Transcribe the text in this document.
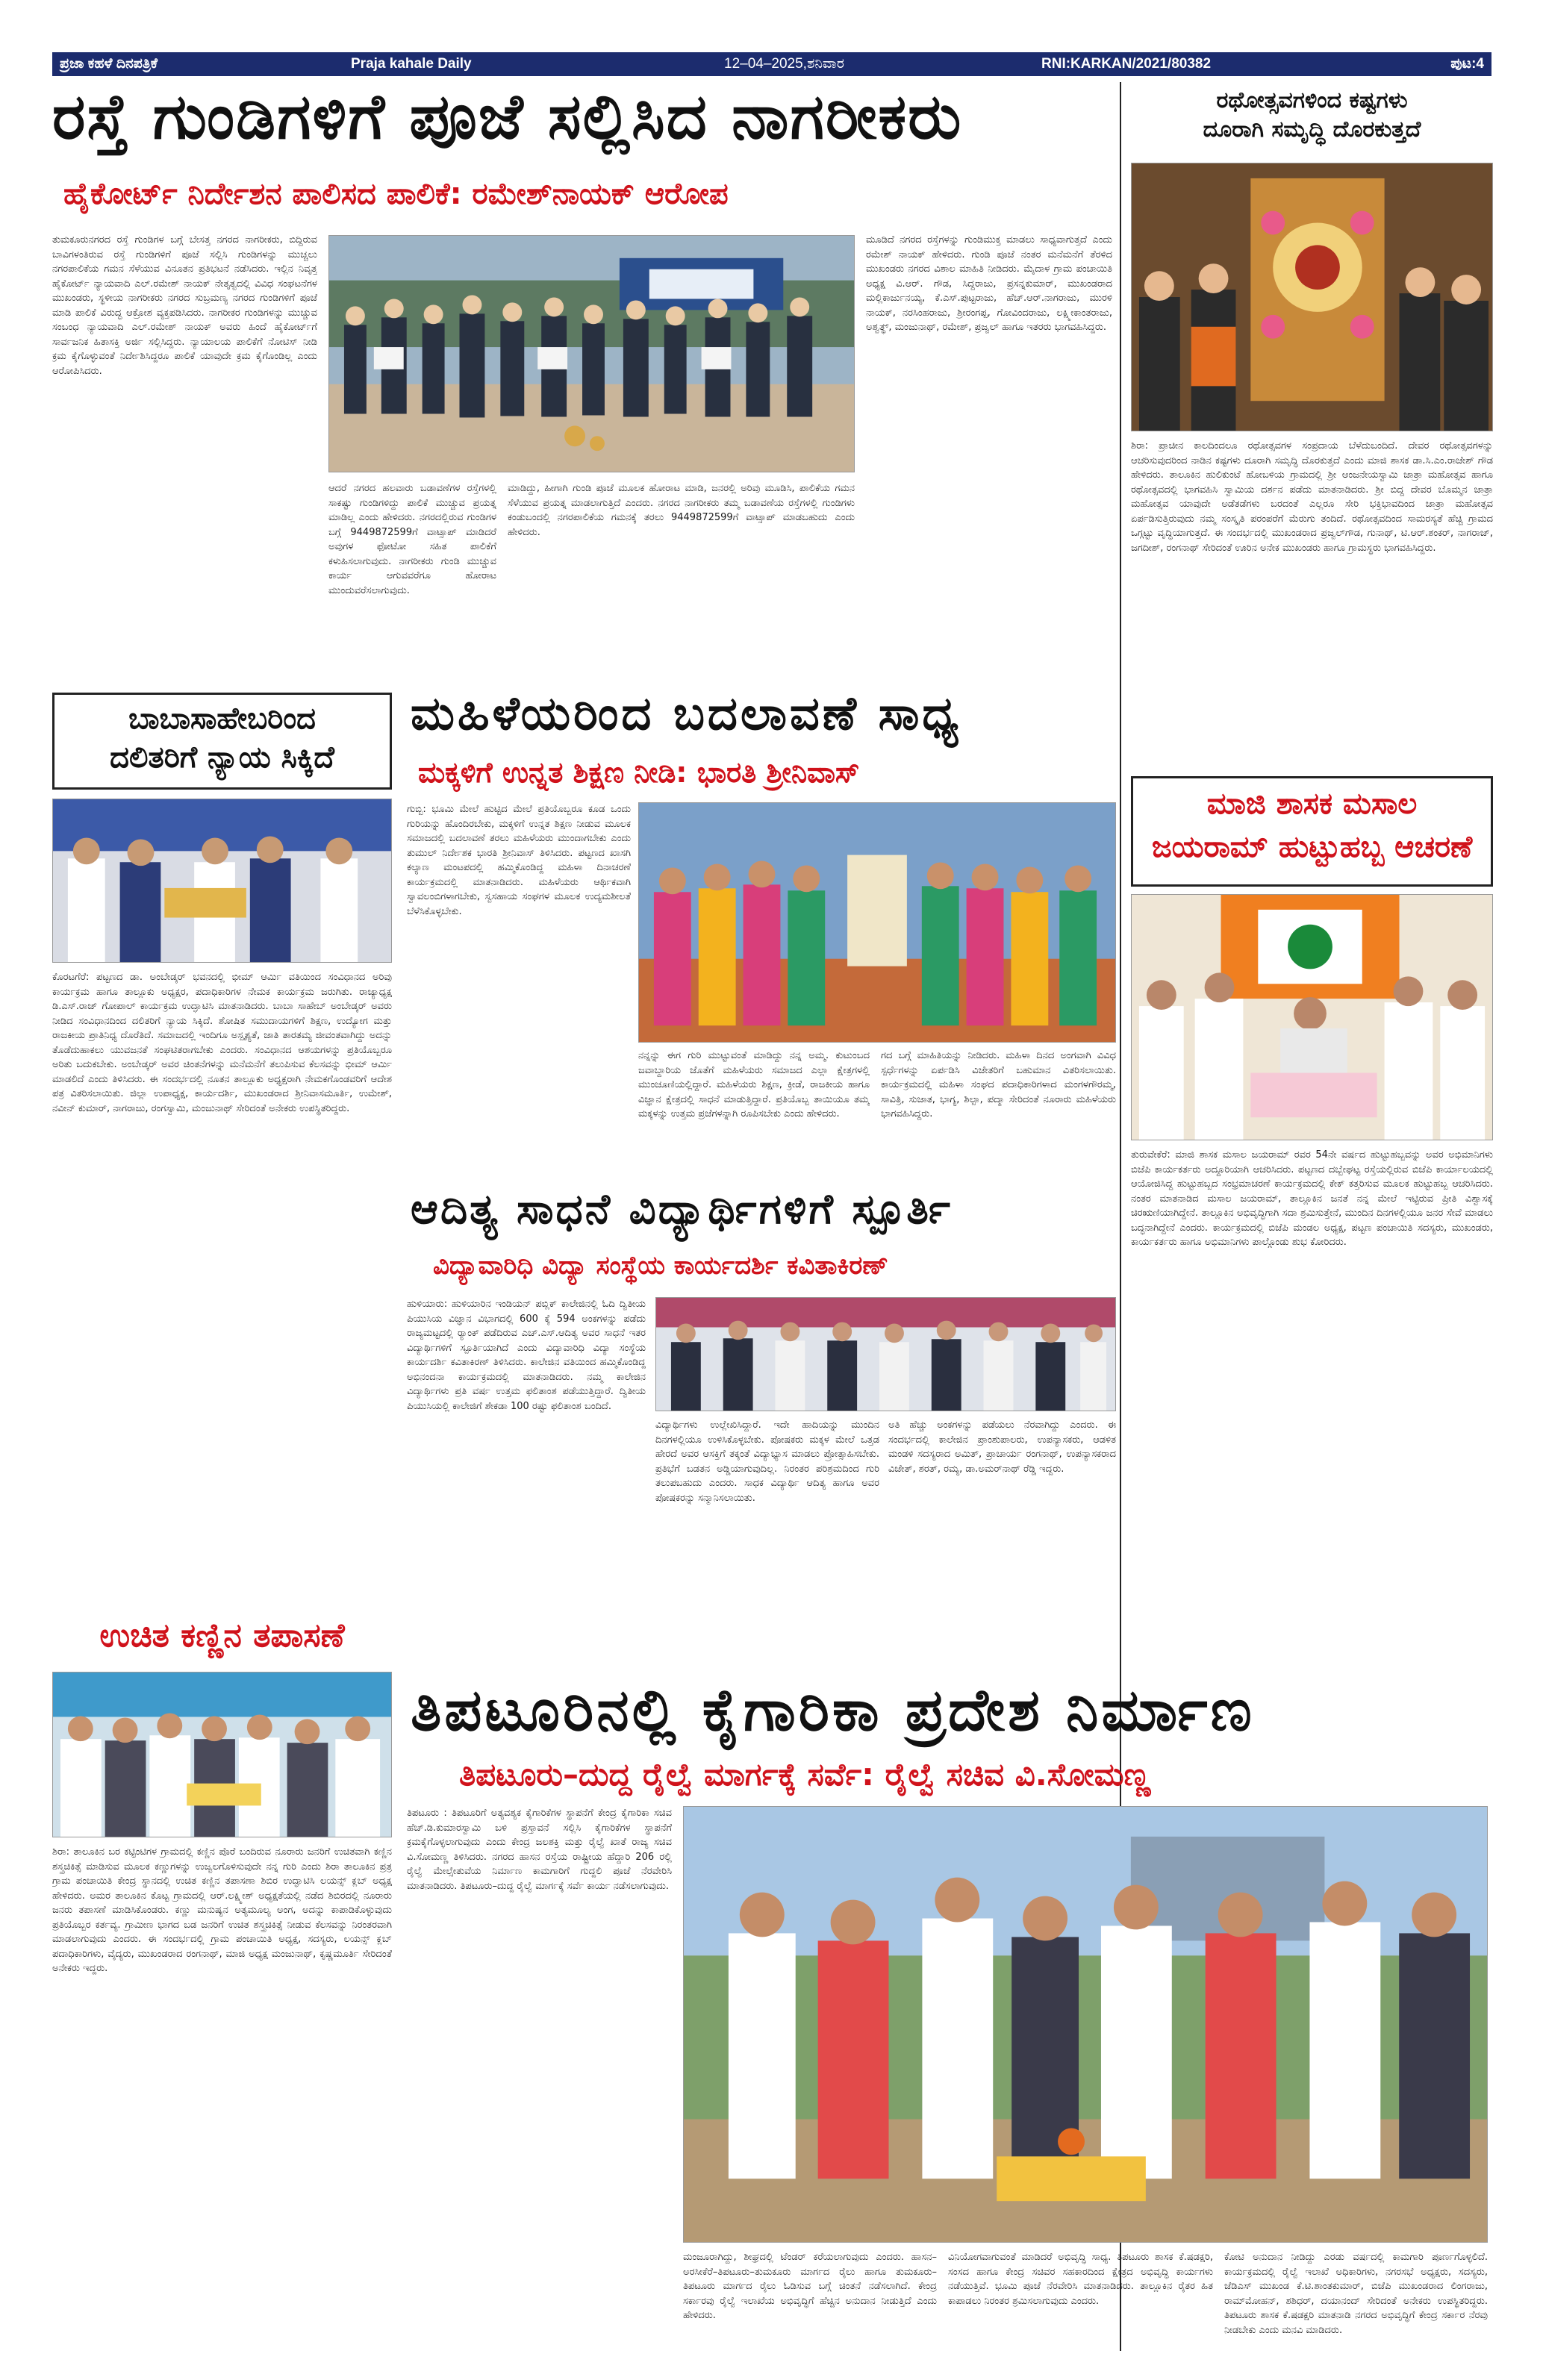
ಪ್ರಜಾ ಕಹಳೆ ದಿನಪತ್ರಿಕೆ	Praja kahale Daily	12–04–2025,ಶನಿವಾರ	RNI:KARKAN/2021/80382	ಪುಟ:4
ರಸ್ತೆ ಗುಂಡಿಗಳಿಗೆ ಪೂಜೆ ಸಲ್ಲಿಸಿದ ನಾಗರೀಕರು
ಹೈಕೋರ್ಟ್ ನಿರ್ದೇಶನ ಪಾಲಿಸದ ಪಾಲಿಕೆ: ರಮೇಶ್‌ನಾಯಕ್ ಆರೋಪ
ತುಮಕೂರುನಗರದ ರಸ್ತೆ ಗುಂಡಿಗಳ ಬಗ್ಗೆ ಬೇಸತ್ತ ನಗರದ ನಾಗರೀಕರು, ಬಿದ್ದಿರುವ ಬಾವಿಗಳಂತಿರುವ ರಸ್ತೆ ಗುಂಡಿಗಳಿಗೆ ಪೂಜೆ ಸಲ್ಲಿಸಿ ಗುಂಡಿಗಳನ್ನು ಮುಚ್ಚಲು ನಗರಪಾಲಿಕೆಯ ಗಮನ ಸೆಳೆಯುವ ವಿನೂತನ ಪ್ರತಿಭಟನೆ ನಡೆಸಿದರು. ಇಲ್ಲಿನ ನಿವೃತ್ತ ಹೈಕೋರ್ಟ್ ನ್ಯಾಯವಾದಿ ಎಲ್.ರಮೇಶ್ ನಾಯಕ್ ನೇತೃತ್ವದಲ್ಲಿ ವಿವಿಧ ಸಂಘಟನೆಗಳ ಮುಖಂಡರು, ಸ್ಥಳೀಯ ನಾಗರೀಕರು ನಗರದ ಸುಬ್ರಮಣ್ಯ ನಗರದ ಗುಂಡಿಗಳಿಗೆ ಪೂಜೆ ಮಾಡಿ ಪಾಲಿಕೆ ವಿರುದ್ಧ ಆಕ್ರೋಶ ವ್ಯಕ್ತಪಡಿಸಿದರು. ನಾಗರೀಕರ ಗುಂಡಿಗಳನ್ನು ಮುಚ್ಚುವ ಸಂಬಂಧ ನ್ಯಾಯವಾದಿ ಎಲ್.ರಮೇಶ್ ನಾಯಕ್ ಅವರು ಹಿಂದೆ ಹೈಕೋರ್ಟ್‌ಗೆ ಸಾರ್ವಜನಿಕ ಹಿತಾಸಕ್ತಿ ಅರ್ಜಿ ಸಲ್ಲಿಸಿದ್ದರು. ನ್ಯಾಯಾಲಯ ಪಾಲಿಕೆಗೆ ನೋಟಿಸ್ ನೀಡಿ ಕ್ರಮ ಕೈಗೊಳ್ಳುವಂತೆ ನಿರ್ದೇಶಿಸಿದ್ದರೂ ಪಾಲಿಕೆ ಯಾವುದೇ ಕ್ರಮ ಕೈಗೊಂಡಿಲ್ಲ ಎಂದು ಆರೋಪಿಸಿದರು.
ಆದರೆ ನಗರದ ಹಲವಾರು ಬಡಾವಣೆಗಳ ರಸ್ತೆಗಳಲ್ಲಿ ಸಾಕಷ್ಟು ಗುಂಡಿಗಳಿದ್ದು ಪಾಲಿಕೆ ಮುಚ್ಚುವ ಪ್ರಯತ್ನ ಮಾಡಿಲ್ಲ ಎಂದು ಹೇಳಿದರು. ನಗರದಲ್ಲಿರುವ ಗುಂಡಿಗಳ ಬಗ್ಗೆ 9449872599ಗೆ ವಾಟ್ಸಾಪ್ ಮಾಡಿದರೆ ಅವುಗಳ ಫೋಟೋ ಸಹಿತ ಪಾಲಿಕೆಗೆ ಕಳುಹಿಸಲಾಗುವುದು. ನಾಗರೀಕರು ಗುಂಡಿ ಮುಚ್ಚುವ ಕಾರ್ಯ ಆಗುವವರೆಗೂ ಹೋರಾಟ ಮುಂದುವರೆಸಲಾಗುವುದು.
ಮಾಡಿದ್ದು, ಹೀಗಾಗಿ ಗುಂಡಿ ಪೂಜೆ ಮೂಲಕ ಹೋರಾಟ ಮಾಡಿ, ಜನರಲ್ಲಿ ಅರಿವು ಮೂಡಿಸಿ, ಪಾಲಿಕೆಯ ಗಮನ ಸೆಳೆಯುವ ಪ್ರಯತ್ನ ಮಾಡಲಾಗುತ್ತಿದೆ ಎಂದರು. ನಗರದ ನಾಗರೀಕರು ತಮ್ಮ ಬಡಾವಣೆಯ ರಸ್ತೆಗಳಲ್ಲಿ ಗುಂಡಿಗಳು ಕಂಡುಬಂದಲ್ಲಿ ನಗರಪಾಲಿಕೆಯ ಗಮನಕ್ಕೆ ತರಲು 9449872599ಗೆ ವಾಟ್ಸಾಪ್ ಮಾಡಬಹುದು ಎಂದು ಹೇಳಿದರು.
ಮೂಡಿದೆ ನಗರದ ರಸ್ತೆಗಳನ್ನು ಗುಂಡಿಮುಕ್ತ ಮಾಡಲು ಸಾಧ್ಯವಾಗುತ್ತದೆ ಎಂದು ರಮೇಶ್ ನಾಯಕ್ ಹೇಳಿದರು. ಗುಂಡಿ ಪೂಜೆ ನಂತರ ಮನೆಮನೆಗೆ ತೆರಳಿದ ಮುಖಂಡರು ನಗರದ ವಿಶಾಲ ಮಾಹಿತಿ ನೀಡಿದರು. ಮೈದಾಳ ಗ್ರಾಮ ಪಂಚಾಯಿತಿ ಅಧ್ಯಕ್ಷ ವಿ.ಆರ್. ಗೌಡ, ಸಿದ್ದರಾಜು, ಪ್ರಸನ್ನಕುಮಾರ್, ಮುಖಂಡರಾದ ಮಲ್ಲಿಕಾರ್ಜುನಯ್ಯ, ಕೆ.ಎಸ್.ಪುಟ್ಟರಾಜು, ಹೆಚ್.ಆರ್.ನಾಗರಾಜು, ಮುರಳಿ ನಾಯಕ್, ನರಸಿಂಹರಾಜು, ಶ್ರೀರಂಗಪ್ಪ, ಗೋವಿಂದರಾಜು, ಲಕ್ಷ್ಮೀಕಾಂತರಾಜು, ಅಶ್ವತ್ಥ್, ಮಂಜುನಾಥ್, ರಮೇಶ್, ಪ್ರಜ್ವಲ್ ಹಾಗೂ ಇತರರು ಭಾಗವಹಿಸಿದ್ದರು.
ರಥೋತ್ಸವಗಳಿಂದ ಕಷ್ಟಗಳು
ದೂರಾಗಿ ಸಮೃದ್ಧಿ ದೊರಕುತ್ತದೆ
ಶಿರಾ: ಪ್ರಾಚೀನ ಕಾಲದಿಂದಲೂ ರಥೋತ್ಸವಗಳ ಸಂಪ್ರದಾಯ ಬೆಳೆದುಬಂದಿದೆ. ದೇವರ ರಥೋತ್ಸವಗಳನ್ನು ಆಚರಿಸುವುದರಿಂದ ನಾಡಿನ ಕಷ್ಟಗಳು ದೂರಾಗಿ ಸಮೃದ್ಧಿ ದೊರಕುತ್ತದೆ ಎಂದು ಮಾಜಿ ಶಾಸಕ ಡಾ.ಸಿ.ಎಂ.ರಾಜೇಶ್ ಗೌಡ ಹೇಳಿದರು. ತಾಲೂಕಿನ ಹುಲಿಕುಂಟೆ ಹೋಬಳಿಯ ಗ್ರಾಮದಲ್ಲಿ ಶ್ರೀ ಆಂಜನೇಯಸ್ವಾಮಿ ಜಾತ್ರಾ ಮಹೋತ್ಸವ ಹಾಗೂ ರಥೋತ್ಸವದಲ್ಲಿ ಭಾಗವಹಿಸಿ ಸ್ವಾಮಿಯ ದರ್ಶನ ಪಡೆದು ಮಾತನಾಡಿದರು. ಶ್ರೀ ಬಿದ್ದ ದೇವರ ಬೊಮ್ಮನ ಜಾತ್ರಾ ಮಹೋತ್ಸವ ಯಾವುದೇ ಅಡೆತಡೆಗಳು ಬರದಂತೆ ಎಲ್ಲರೂ ಸೇರಿ ಭಕ್ತಿಭಾವದಿಂದ ಜಾತ್ರಾ ಮಹೋತ್ಸವ ಏರ್ಪಡಿಸುತ್ತಿರುವುದು ನಮ್ಮ ಸಂಸ್ಕೃತಿ ಪರಂಪರೆಗೆ ಮೆರುಗು ತಂದಿದೆ. ರಥೋತ್ಸವದಿಂದ ಸಾಮರಸ್ಯತೆ ಹೆಚ್ಚಿ ಗ್ರಾಮದ ಒಗ್ಗಟ್ಟು ವೃದ್ಧಿಯಾಗುತ್ತದೆ. ಈ ಸಂದರ್ಭದಲ್ಲಿ ಮುಖಂಡರಾದ ಪ್ರಜ್ವಲ್‌ಗೌಡ, ಗುನಾಥ್, ಟಿ.ಆರ್.ಶಂಕರ್, ನಾಗರಾಜ್, ಜಗದೀಶ್, ರಂಗನಾಥ್ ಸೇರಿದಂತೆ ಊರಿನ ಅನೇಕ ಮುಖಂಡರು ಹಾಗೂ ಗ್ರಾಮಸ್ಥರು ಭಾಗವಹಿಸಿದ್ದರು.
ಬಾಬಾಸಾಹೇಬರಿಂದ
ದಲಿತರಿಗೆ ನ್ಯಾಯ ಸಿಕ್ಕಿದೆ
ಕೊರಟಗೆರೆ: ಪಟ್ಟಣದ ಡಾ. ಅಂಬೇಡ್ಕರ್ ಭವನದಲ್ಲಿ ಭೀಮ್ ಆರ್ಮಿ ವತಿಯಿಂದ ಸಂವಿಧಾನದ ಅರಿವು ಕಾರ್ಯಕ್ರಮ ಹಾಗೂ ತಾಲ್ಲೂಕು ಅಧ್ಯಕ್ಷರ, ಪದಾಧಿಕಾರಿಗಳ ನೇಮಕ ಕಾರ್ಯಕ್ರಮ ಜರುಗಿತು. ರಾಜ್ಯಾಧ್ಯಕ್ಷ ಡಿ.ಎಸ್.ರಾಜ್ ಗೋಪಾಲ್ ಕಾರ್ಯಕ್ರಮ ಉದ್ಘಾಟಿಸಿ ಮಾತನಾಡಿದರು. ಬಾಬಾ ಸಾಹೇಬ್ ಅಂಬೇಡ್ಕರ್ ಅವರು ನೀಡಿದ ಸಂವಿಧಾನದಿಂದ ದಲಿತರಿಗೆ ನ್ಯಾಯ ಸಿಕ್ಕಿದೆ. ಶೋಷಿತ ಸಮುದಾಯಗಳಿಗೆ ಶಿಕ್ಷಣ, ಉದ್ಯೋಗ ಮತ್ತು ರಾಜಕೀಯ ಪ್ರಾತಿನಿಧ್ಯ ದೊರೆತಿದೆ. ಸಮಾಜದಲ್ಲಿ ಇಂದಿಗೂ ಅಸ್ಪೃಶ್ಯತೆ, ಜಾತಿ ತಾರತಮ್ಯ ಜೀವಂತವಾಗಿದ್ದು ಅದನ್ನು ತೊಡೆದುಹಾಕಲು ಯುವಜನತೆ ಸಂಘಟಿತರಾಗಬೇಕು ಎಂದರು. ಸಂವಿಧಾನದ ಆಶಯಗಳನ್ನು ಪ್ರತಿಯೊಬ್ಬರೂ ಅರಿತು ಬದುಕಬೇಕು. ಅಂಬೇಡ್ಕರ್ ಅವರ ಚಿಂತನೆಗಳನ್ನು ಮನೆಮನೆಗೆ ತಲುಪಿಸುವ ಕೆಲಸವನ್ನು ಭೀಮ್ ಆರ್ಮಿ ಮಾಡಲಿದೆ ಎಂದು ತಿಳಿಸಿದರು. ಈ ಸಂದರ್ಭದಲ್ಲಿ ನೂತನ ತಾಲ್ಲೂಕು ಅಧ್ಯಕ್ಷರಾಗಿ ನೇಮಕಗೊಂಡವರಿಗೆ ಆದೇಶ ಪತ್ರ ವಿತರಿಸಲಾಯಿತು. ಜಿಲ್ಲಾ ಉಪಾಧ್ಯಕ್ಷ, ಕಾರ್ಯದರ್ಶಿ, ಮುಖಂಡರಾದ ಶ್ರೀನಿವಾಸಮೂರ್ತಿ, ಉಮೇಶ್, ನವೀನ್ ಕುಮಾರ್, ನಾಗರಾಜು, ರಂಗಸ್ವಾಮಿ, ಮಂಜುನಾಥ್ ಸೇರಿದಂತೆ ಅನೇಕರು ಉಪಸ್ಥಿತರಿದ್ದರು.
ಮಹಿಳೆಯರಿಂದ ಬದಲಾವಣೆ ಸಾಧ್ಯ
ಮಕ್ಕಳಿಗೆ ಉನ್ನತ ಶಿಕ್ಷಣ ನೀಡಿ: ಭಾರತಿ ಶ್ರೀನಿವಾಸ್
ಗುಬ್ಬಿ: ಭೂಮಿ ಮೇಲೆ ಹುಟ್ಟಿದ ಮೇಲೆ ಪ್ರತಿಯೊಬ್ಬರೂ ಕೂಡ ಒಂದು ಗುರಿಯನ್ನು ಹೊಂದಿರಬೇಕು, ಮಕ್ಕಳಿಗೆ ಉನ್ನತ ಶಿಕ್ಷಣ ನೀಡುವ ಮೂಲಕ ಸಮಾಜದಲ್ಲಿ ಬದಲಾವಣೆ ತರಲು ಮಹಿಳೆಯರು ಮುಂದಾಗಬೇಕು ಎಂದು ತುಮುಲ್ ನಿರ್ದೇಶಕ ಭಾರತಿ ಶ್ರೀನಿವಾಸ್ ತಿಳಿಸಿದರು. ಪಟ್ಟಣದ ಖಾಸಗಿ ಕಲ್ಯಾಣ ಮಂಟಪದಲ್ಲಿ ಹಮ್ಮಿಕೊಂಡಿದ್ದ ಮಹಿಳಾ ದಿನಾಚರಣೆ ಕಾರ್ಯಕ್ರಮದಲ್ಲಿ ಮಾತನಾಡಿದರು. ಮಹಿಳೆಯರು ಆರ್ಥಿಕವಾಗಿ ಸ್ವಾವಲಂಬಿಗಳಾಗಬೇಕು, ಸ್ವಸಹಾಯ ಸಂಘಗಳ ಮೂಲಕ ಉದ್ಯಮಶೀಲತೆ ಬೆಳೆಸಿಕೊಳ್ಳಬೇಕು.
ನನ್ನನ್ನು ಈಗ ಗುರಿ ಮುಟ್ಟುವಂತೆ ಮಾಡಿದ್ದು ನನ್ನ ಅಮ್ಮ. ಕುಟುಂಬದ ಜವಾಬ್ದಾರಿಯ ಜೊತೆಗೆ ಮಹಿಳೆಯರು ಸಮಾಜದ ಎಲ್ಲಾ ಕ್ಷೇತ್ರಗಳಲ್ಲಿ ಮುಂಚೂಣಿಯಲ್ಲಿದ್ದಾರೆ. ಮಹಿಳೆಯರು ಶಿಕ್ಷಣ, ಕ್ರೀಡೆ, ರಾಜಕೀಯ ಹಾಗೂ ವಿಜ್ಞಾನ ಕ್ಷೇತ್ರದಲ್ಲಿ ಸಾಧನೆ ಮಾಡುತ್ತಿದ್ದಾರೆ. ಪ್ರತಿಯೊಬ್ಬ ತಾಯಿಯೂ ತಮ್ಮ ಮಕ್ಕಳನ್ನು ಉತ್ತಮ ಪ್ರಜೆಗಳನ್ನಾಗಿ ರೂಪಿಸಬೇಕು ಎಂದು ಹೇಳಿದರು.
ಗದ ಬಗ್ಗೆ ಮಾಹಿತಿಯನ್ನು ನೀಡಿದರು. ಮಹಿಳಾ ದಿನದ ಅಂಗವಾಗಿ ವಿವಿಧ ಸ್ಪರ್ಧೆಗಳನ್ನು ಏರ್ಪಡಿಸಿ ವಿಜೇತರಿಗೆ ಬಹುಮಾನ ವಿತರಿಸಲಾಯಿತು. ಕಾರ್ಯಕ್ರಮದಲ್ಲಿ ಮಹಿಳಾ ಸಂಘದ ಪದಾಧಿಕಾರಿಗಳಾದ ಮಂಗಳಗೌರಮ್ಮ, ಸಾವಿತ್ರಿ, ಸುಜಾತ, ಭಾಗ್ಯ, ಶಿಲ್ಪಾ, ಪದ್ಮಾ ಸೇರಿದಂತೆ ನೂರಾರು ಮಹಿಳೆಯರು ಭಾಗವಹಿಸಿದ್ದರು.
ಮಾಜಿ ಶಾಸಕ ಮಸಾಲ
ಜಯರಾಮ್ ಹುಟ್ಟುಹಬ್ಬ ಆಚರಣೆ
ತುರುವೇಕೆರೆ: ಮಾಜಿ ಶಾಸಕ ಮಸಾಲ ಜಯರಾಮ್ ರವರ 54ನೇ ವರ್ಷದ ಹುಟ್ಟುಹಬ್ಬವನ್ನು ಅವರ ಅಭಿಮಾನಿಗಳು ಬಿಜೆಪಿ ಕಾರ್ಯಕರ್ತರು ಅದ್ದೂರಿಯಾಗಿ ಆಚರಿಸಿದರು. ಪಟ್ಟಣದ ದಬ್ಬೇಘಟ್ಟ ರಸ್ತೆಯಲ್ಲಿರುವ ಬಿಜೆಪಿ ಕಾರ್ಯಾಲಯದಲ್ಲಿ ಆಯೋಜಿಸಿದ್ದ ಹುಟ್ಟುಹಬ್ಬದ ಸಂಭ್ರಮಾಚರಣೆ ಕಾರ್ಯಕ್ರಮದಲ್ಲಿ ಕೇಕ್ ಕತ್ತರಿಸುವ ಮೂಲಕ ಹುಟ್ಟುಹಬ್ಬ ಆಚರಿಸಿದರು. ನಂತರ ಮಾತನಾಡಿದ ಮಸಾಲ ಜಯರಾಮ್, ತಾಲ್ಲೂಕಿನ ಜನತೆ ನನ್ನ ಮೇಲೆ ಇಟ್ಟಿರುವ ಪ್ರೀತಿ ವಿಶ್ವಾಸಕ್ಕೆ ಚಿರಋಣಿಯಾಗಿದ್ದೇನೆ. ತಾಲ್ಲೂಕಿನ ಅಭಿವೃದ್ಧಿಗಾಗಿ ಸದಾ ಶ್ರಮಿಸುತ್ತೇನೆ, ಮುಂದಿನ ದಿನಗಳಲ್ಲಿಯೂ ಜನರ ಸೇವೆ ಮಾಡಲು ಬದ್ಧನಾಗಿದ್ದೇನೆ ಎಂದರು. ಕಾರ್ಯಕ್ರಮದಲ್ಲಿ ಬಿಜೆಪಿ ಮಂಡಲ ಅಧ್ಯಕ್ಷ, ಪಟ್ಟಣ ಪಂಚಾಯಿತಿ ಸದಸ್ಯರು, ಮುಖಂಡರು, ಕಾರ್ಯಕರ್ತರು ಹಾಗೂ ಅಭಿಮಾನಿಗಳು ಪಾಲ್ಗೊಂಡು ಶುಭ ಕೋರಿದರು.
ಆದಿತ್ಯ ಸಾಧನೆ ವಿದ್ಯಾರ್ಥಿಗಳಿಗೆ ಸ್ಪೂರ್ತಿ
ವಿದ್ಯಾವಾರಿಧಿ ವಿದ್ಯಾ ಸಂಸ್ಥೆಯ ಕಾರ್ಯದರ್ಶಿ ಕವಿತಾಕಿರಣ್
ಹುಳಿಯಾರು: ಹುಳಿಯಾರಿನ ಇಂಡಿಯನ್ ಪಬ್ಲಿಕ್ ಕಾಲೇಜಿನಲ್ಲಿ ಓದಿ ದ್ವಿತೀಯ ಪಿಯುಸಿಯ ವಿಜ್ಞಾನ ವಿಭಾಗದಲ್ಲಿ 600 ಕ್ಕೆ 594 ಅಂಕಗಳನ್ನು ಪಡೆದು ರಾಜ್ಯಮಟ್ಟದಲ್ಲಿ ರ‍್ಯಾಂಕ್ ಪಡೆದಿರುವ ಎಚ್.ಎಸ್.ಆದಿತ್ಯ ಅವರ ಸಾಧನೆ ಇತರ ವಿದ್ಯಾರ್ಥಿಗಳಿಗೆ ಸ್ಪೂರ್ತಿಯಾಗಿದೆ ಎಂದು ವಿದ್ಯಾವಾರಿಧಿ ವಿದ್ಯಾ ಸಂಸ್ಥೆಯ ಕಾರ್ಯದರ್ಶಿ ಕವಿತಾಕಿರಣ್ ತಿಳಿಸಿದರು. ಕಾಲೇಜಿನ ವತಿಯಿಂದ ಹಮ್ಮಿಕೊಂಡಿದ್ದ ಅಭಿನಂದನಾ ಕಾರ್ಯಕ್ರಮದಲ್ಲಿ ಮಾತನಾಡಿದರು. ನಮ್ಮ ಕಾಲೇಜಿನ ವಿದ್ಯಾರ್ಥಿಗಳು ಪ್ರತಿ ವರ್ಷ ಉತ್ತಮ ಫಲಿತಾಂಶ ಪಡೆಯುತ್ತಿದ್ದಾರೆ. ದ್ವಿತೀಯ ಪಿಯುಸಿಯಲ್ಲಿ ಕಾಲೇಜಿಗೆ ಶೇಕಡಾ 100 ರಷ್ಟು ಫಲಿತಾಂಶ ಬಂದಿದೆ.
ವಿದ್ಯಾರ್ಥಿಗಳು ಉಲ್ಲೇಖಿಸಿದ್ದಾರೆ. ಇದೇ ಹಾದಿಯನ್ನು ಮುಂದಿನ ದಿನಗಳಲ್ಲಿಯೂ ಉಳಿಸಿಕೊಳ್ಳಬೇಕು. ಪೋಷಕರು ಮಕ್ಕಳ ಮೇಲೆ ಒತ್ತಡ ಹೇರದೆ ಅವರ ಆಸಕ್ತಿಗೆ ತಕ್ಕಂತೆ ವಿದ್ಯಾಭ್ಯಾಸ ಮಾಡಲು ಪ್ರೋತ್ಸಾಹಿಸಬೇಕು. ಪ್ರತಿಭೆಗೆ ಬಡತನ ಅಡ್ಡಿಯಾಗುವುದಿಲ್ಲ. ನಿರಂತರ ಪರಿಶ್ರಮದಿಂದ ಗುರಿ ತಲುಪಬಹುದು ಎಂದರು. ಸಾಧಕ ವಿದ್ಯಾರ್ಥಿ ಆದಿತ್ಯ ಹಾಗೂ ಅವರ ಪೋಷಕರನ್ನು ಸನ್ಮಾನಿಸಲಾಯಿತು.
ಅತಿ ಹೆಚ್ಚು ಅಂಕಗಳನ್ನು ಪಡೆಯಲು ನೆರವಾಗಿದ್ದು ಎಂದರು. ಈ ಸಂದರ್ಭದಲ್ಲಿ ಕಾಲೇಜಿನ ಪ್ರಾಂಶುಪಾಲರು, ಉಪನ್ಯಾಸಕರು, ಆಡಳಿತ ಮಂಡಳಿ ಸದಸ್ಯರಾದ ಅಮಿತ್, ಪ್ರಾಚಾರ್ಯ ರಂಗನಾಥ್, ಉಪನ್ಯಾಸಕರಾದ ವಿಜೇತ್, ಶರತ್, ರಮ್ಯ, ಡಾ.ಅಮರ್‌ನಾಥ್ ರೆಡ್ಡಿ ಇದ್ದರು.
ಉಚಿತ ಕಣ್ಣಿನ ತಪಾಸಣೆ
ಶಿರಾ: ತಾಲೂಕಿನ ಬರ ಕಟ್ಟಿಂಟಿಗಳ ಗ್ರಾಮದಲ್ಲಿ ಕಣ್ಣಿನ ಪೊರೆ ಬಂದಿರುವ ನೂರಾರು ಜನರಿಗೆ ಉಚಿತವಾಗಿ ಕಣ್ಣಿನ ಶಸ್ತ್ರಚಿಕಿತ್ಸೆ ಮಾಡಿಸುವ ಮೂಲಕ ಕಣ್ಣುಗಳನ್ನು ಉಜ್ವಲಗೊಳಿಸುವುದೇ ನನ್ನ ಗುರಿ ಎಂದು ಶಿರಾ ತಾಲೂಕಿನ ಪ್ರತ್ರ ಗ್ರಾಮ ಪಂಚಾಯಿತಿ ಕೇಂದ್ರ ಸ್ಥಾನದಲ್ಲಿ ಉಚಿತ ಕಣ್ಣಿನ ತಪಾಸಣಾ ಶಿಬಿರ ಉದ್ಘಾಟಿಸಿ ಲಯನ್ಸ್ ಕ್ಲಬ್ ಅಧ್ಯಕ್ಷ ಹೇಳಿದರು. ಅಮರ ತಾಲೂಕಿನ ಕೊಟ್ಟ ಗ್ರಾಮದಲ್ಲಿ ಆರ್.ಲಕ್ಷ್ಮೀಶ್ ಅಧ್ಯಕ್ಷತೆಯಲ್ಲಿ ನಡೆದ ಶಿಬಿರದಲ್ಲಿ ನೂರಾರು ಜನರು ತಪಾಸಣೆ ಮಾಡಿಸಿಕೊಂಡರು. ಕಣ್ಣು ಮನುಷ್ಯನ ಅತ್ಯಮೂಲ್ಯ ಅಂಗ, ಅದನ್ನು ಕಾಪಾಡಿಕೊಳ್ಳುವುದು ಪ್ರತಿಯೊಬ್ಬರ ಕರ್ತವ್ಯ. ಗ್ರಾಮೀಣ ಭಾಗದ ಬಡ ಜನರಿಗೆ ಉಚಿತ ಶಸ್ತ್ರಚಿಕಿತ್ಸೆ ನೀಡುವ ಕೆಲಸವನ್ನು ನಿರಂತರವಾಗಿ ಮಾಡಲಾಗುವುದು ಎಂದರು. ಈ ಸಂದರ್ಭದಲ್ಲಿ ಗ್ರಾಮ ಪಂಚಾಯಿತಿ ಅಧ್ಯಕ್ಷ, ಸದಸ್ಯರು, ಲಯನ್ಸ್ ಕ್ಲಬ್ ಪದಾಧಿಕಾರಿಗಳು, ವೈದ್ಯರು, ಮುಖಂಡರಾದ ರಂಗನಾಥ್, ಮಾಜಿ ಅಧ್ಯಕ್ಷ ಮಂಜುನಾಥ್, ಕೃಷ್ಣಮೂರ್ತಿ ಸೇರಿದಂತೆ ಅನೇಕರು ಇದ್ದರು.
ತಿಪಟೂರಿನಲ್ಲಿ ಕೈಗಾರಿಕಾ ಪ್ರದೇಶ ನಿರ್ಮಾಣ
ತಿಪಟೂರು–ದುದ್ದ ರೈಲ್ವೆ ಮಾರ್ಗಕ್ಕೆ ಸರ್ವೆ: ರೈಲ್ವೆ ಸಚಿವ ವಿ.ಸೋಮಣ್ಣ
ತಿಪಟೂರು : ತಿಪಟೂರಿಗೆ ಅತ್ಯವಶ್ಯಕ ಕೈಗಾರಿಕೆಗಳ ಸ್ಥಾಪನೆಗೆ ಕೇಂದ್ರ ಕೈಗಾರಿಕಾ ಸಚಿವ ಹೆಚ್.ಡಿ.ಕುಮಾರಸ್ವಾಮಿ ಬಳಿ ಪ್ರಸ್ತಾವನೆ ಸಲ್ಲಿಸಿ ಕೈಗಾರಿಕೆಗಳ ಸ್ಥಾಪನೆಗೆ ಕ್ರಮಕೈಗೊಳ್ಳಲಾಗುವುದು ಎಂದು ಕೇಂದ್ರ ಜಲಶಕ್ತಿ ಮತ್ತು ರೈಲ್ವೆ ಖಾತೆ ರಾಜ್ಯ ಸಚಿವ ವಿ.ಸೋಮಣ್ಣ ತಿಳಿಸಿದರು. ನಗರದ ಹಾಸನ ರಸ್ತೆಯ ರಾಷ್ಟ್ರೀಯ ಹೆದ್ದಾರಿ 206 ರಲ್ಲಿ ರೈಲ್ವೆ ಮೇಲ್ಸೇತುವೆಯ ನಿರ್ಮಾಣ ಕಾಮಗಾರಿಗೆ ಗುದ್ದಲಿ ಪೂಜೆ ನೆರವೇರಿಸಿ ಮಾತನಾಡಿದರು. ತಿಪಟೂರು–ದುದ್ದ ರೈಲ್ವೆ ಮಾರ್ಗಕ್ಕೆ ಸರ್ವೆ ಕಾರ್ಯ ನಡೆಸಲಾಗುವುದು.
ಮಂಜೂರಾಗಿದ್ದು, ಶೀಘ್ರದಲ್ಲಿ ಟೆಂಡರ್ ಕರೆಯಲಾಗುವುದು ಎಂದರು. ಹಾಸನ–ಅರಸೀಕೆರೆ–ತಿಪಟೂರು–ತುಮಕೂರು ಮಾರ್ಗದ ರೈಲು ಹಾಗೂ ತುಮಕೂರು–ತಿಪಟೂರು ಮಾರ್ಗದ ರೈಲು ಓಡಿಸುವ ಬಗ್ಗೆ ಚಿಂತನೆ ನಡೆಸಲಾಗಿದೆ. ಕೇಂದ್ರ ಸರ್ಕಾರವು ರೈಲ್ವೆ ಇಲಾಖೆಯ ಅಭಿವೃದ್ಧಿಗೆ ಹೆಚ್ಚಿನ ಅನುದಾನ ನೀಡುತ್ತಿದೆ ಎಂದು ಹೇಳಿದರು.
ವಿನಿಯೋಗವಾಗುವಂತೆ ಮಾಡಿದರೆ ಅಭಿವೃದ್ಧಿ ಸಾಧ್ಯ. ತಿಪಟೂರು ಶಾಸಕ ಕೆ.ಷಡಕ್ಷರಿ, ಸಂಸದ ಹಾಗೂ ಕೇಂದ್ರ ಸಚಿವರ ಸಹಕಾರದಿಂದ ಕ್ಷೇತ್ರದ ಅಭಿವೃದ್ಧಿ ಕಾರ್ಯಗಳು ನಡೆಯುತ್ತಿವೆ. ಭೂಮಿ ಪೂಜೆ ನೆರವೇರಿಸಿ ಮಾತನಾಡಿದರು. ತಾಲ್ಲೂಕಿನ ರೈತರ ಹಿತ ಕಾಪಾಡಲು ನಿರಂತರ ಶ್ರಮಿಸಲಾಗುವುದು ಎಂದರು.
ಕೋಟಿ ಅನುದಾನ ನೀಡಿದ್ದು ಎರಡು ವರ್ಷದಲ್ಲಿ ಕಾಮಗಾರಿ ಪೂರ್ಣಗೊಳ್ಳಲಿದೆ. ಕಾರ್ಯಕ್ರಮದಲ್ಲಿ ರೈಲ್ವೆ ಇಲಾಖೆ ಅಧಿಕಾರಿಗಳು, ನಗರಸಭೆ ಅಧ್ಯಕ್ಷರು, ಸದಸ್ಯರು, ಜೆಡಿಎಸ್ ಮುಖಂಡ ಕೆ.ಟಿ.ಶಾಂತಕುಮಾರ್, ಬಿಜೆಪಿ ಮುಖಂಡರಾದ ಲಿಂಗರಾಜು, ರಾಮ್‌ಮೋಹನ್, ಶಶಿಧರ್, ದಯಾನಂದ್ ಸೇರಿದಂತೆ ಅನೇಕರು ಉಪಸ್ಥಿತರಿದ್ದರು. ತಿಪಟೂರು ಶಾಸಕ ಕೆ.ಷಡಕ್ಷರಿ ಮಾತನಾಡಿ ನಗರದ ಅಭಿವೃದ್ಧಿಗೆ ಕೇಂದ್ರ ಸರ್ಕಾರ ನೆರವು ನೀಡಬೇಕು ಎಂದು ಮನವಿ ಮಾಡಿದರು.
